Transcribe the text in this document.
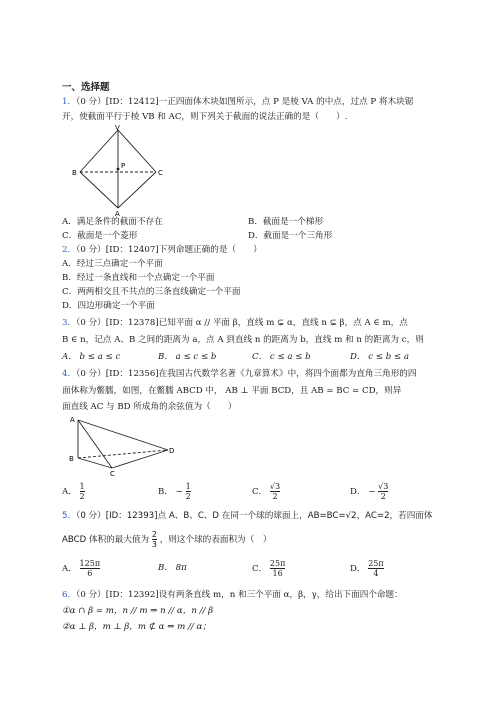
一、选择题
1．（0 分）[ID：12412]一正四面体木块如图所示，点 P 是棱 VA 的中点，过点 P 将木块锯
开，使截面平行于棱 VB 和 AC，则下列关于截面的说法正确的是（　　）.
V
P
B	C
A
A．满足条件的截面不存在	B．截面是一个梯形
C．截面是一个菱形	D．截面是一个三角形
2．（0 分）[ID：12407]下列命题正确的是（　　）
A．经过三点确定一个平面
B．经过一条直线和一个点确定一个平面
C．两两相交且不共点的三条直线确定一个平面
D．四边形确定一个平面
3．（0 分）[ID：12378]已知平面 α // 平面 β，直线 m ⊊ α，直线 n ⊊ β，点 A ∈ m，点
B ∈ n，记点 A、B 之间的距离为 a，点 A 到直线 n 的距离为 b，直线 m 和 n 的距离为 c，则
A． b ≤ a ≤ c	B． a ≤ c ≤ b	C． c ≤ a ≤ b	D． c ≤ b ≤ a
4．（0 分）[ID：12356]在我国古代数学名著《九章算术》中，将四个面都为直角三角形的四
面体称为鳖臑，如图，在鳖臑 ABCD 中， AB ⊥ 平面 BCD，且 AB = BC = CD，则异
面直线 AC 与 BD 所成角的余弦值为（　　）
A
B
C
D
A． $\frac{1}{2}$	B． − $\frac{1}{2}$	C． $\frac{√3}{2}$	D． − $\frac{√3}{2}$
5．（0 分）[ID：12393]点 A、B、C、D 在同一个球的球面上，AB=BC=√2，AC=2，若四面体
ABCD 体积的最大值为 $\frac{2}{3}$ ，则这个球的表面积为（　）
A． $\frac{125\pi}{6}$	B． 8π	C． $\frac{25\pi}{16}$	D． $\frac{25\pi}{4}$
6．（0 分）[ID：12392]设有两条直线 m，n 和三个平面 α，β，γ，给出下面四个命题：
①α ∩ β = m，n // m ⇒ n // α，n // β
②α ⊥ β，m ⊥ β，m ⊄ α ⇒ m // α；
